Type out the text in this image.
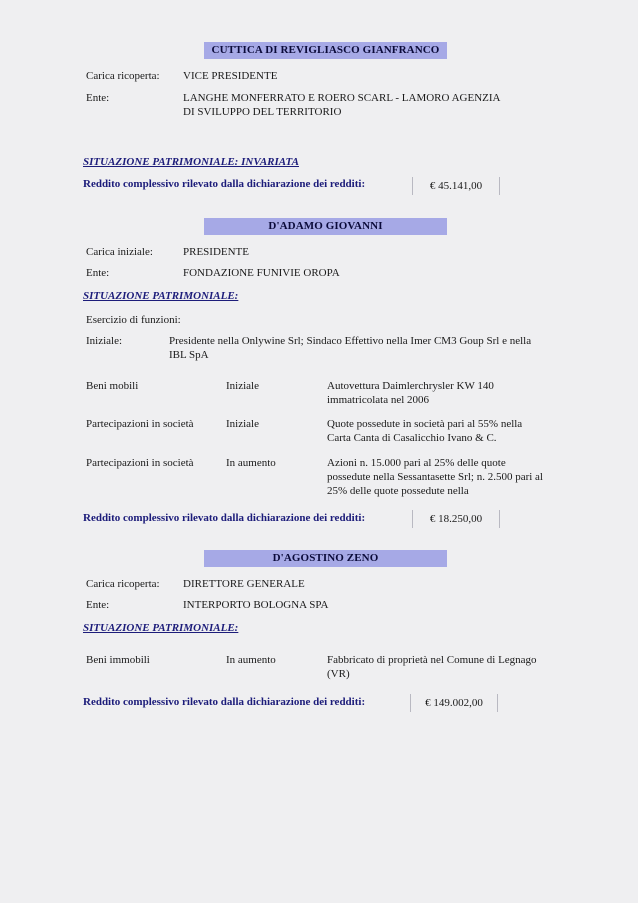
CUTTICA DI REVIGLIASCO GIANFRANCO
Carica ricoperta: VICE PRESIDENTE
Ente:	LANGHE MONFERRATO E ROERO SCARL - LAMORO AGENZIA
DI SVILUPPO DEL TERRITORIO
SITUAZIONE PATRIMONIALE: INVARIATA
Reddito complessivo rilevato dalla dichiarazione dei redditi:	€ 45.141,00
D'ADAMO GIOVANNI
Carica iniziale:	PRESIDENTE
Ente:	FONDAZIONE FUNIVIE OROPA
SITUAZIONE PATRIMONIALE:
Esercizio di funzioni:
Iniziale:	Presidente nella Onlywine Srl; Sindaco Effettivo nella Imer CM3 Goup Srl e nella
IBL SpA
Beni mobili	Iniziale	Autovettura Daimlerchrysler KW 140
immatricolata nel 2006
Partecipazioni in società	Iniziale	Quote possedute in società pari al 55% nella
Carta Canta di Casalicchio Ivano & C.
Partecipazioni in società	In aumento	Azioni n. 15.000 pari al 25% delle quote
possedute nella Sessantasette Srl; n. 2.500 pari al
25% delle quote possedute nella
Reddito complessivo rilevato dalla dichiarazione dei redditi:	€ 18.250,00
D'AGOSTINO ZENO
Carica ricoperta: DIRETTORE GENERALE
Ente:	INTERPORTO BOLOGNA SPA
SITUAZIONE PATRIMONIALE:
Beni immobili	In aumento	Fabbricato di proprietà nel Comune di Legnago
(VR)
Reddito complessivo rilevato dalla dichiarazione dei redditi:	€ 149.002,00
